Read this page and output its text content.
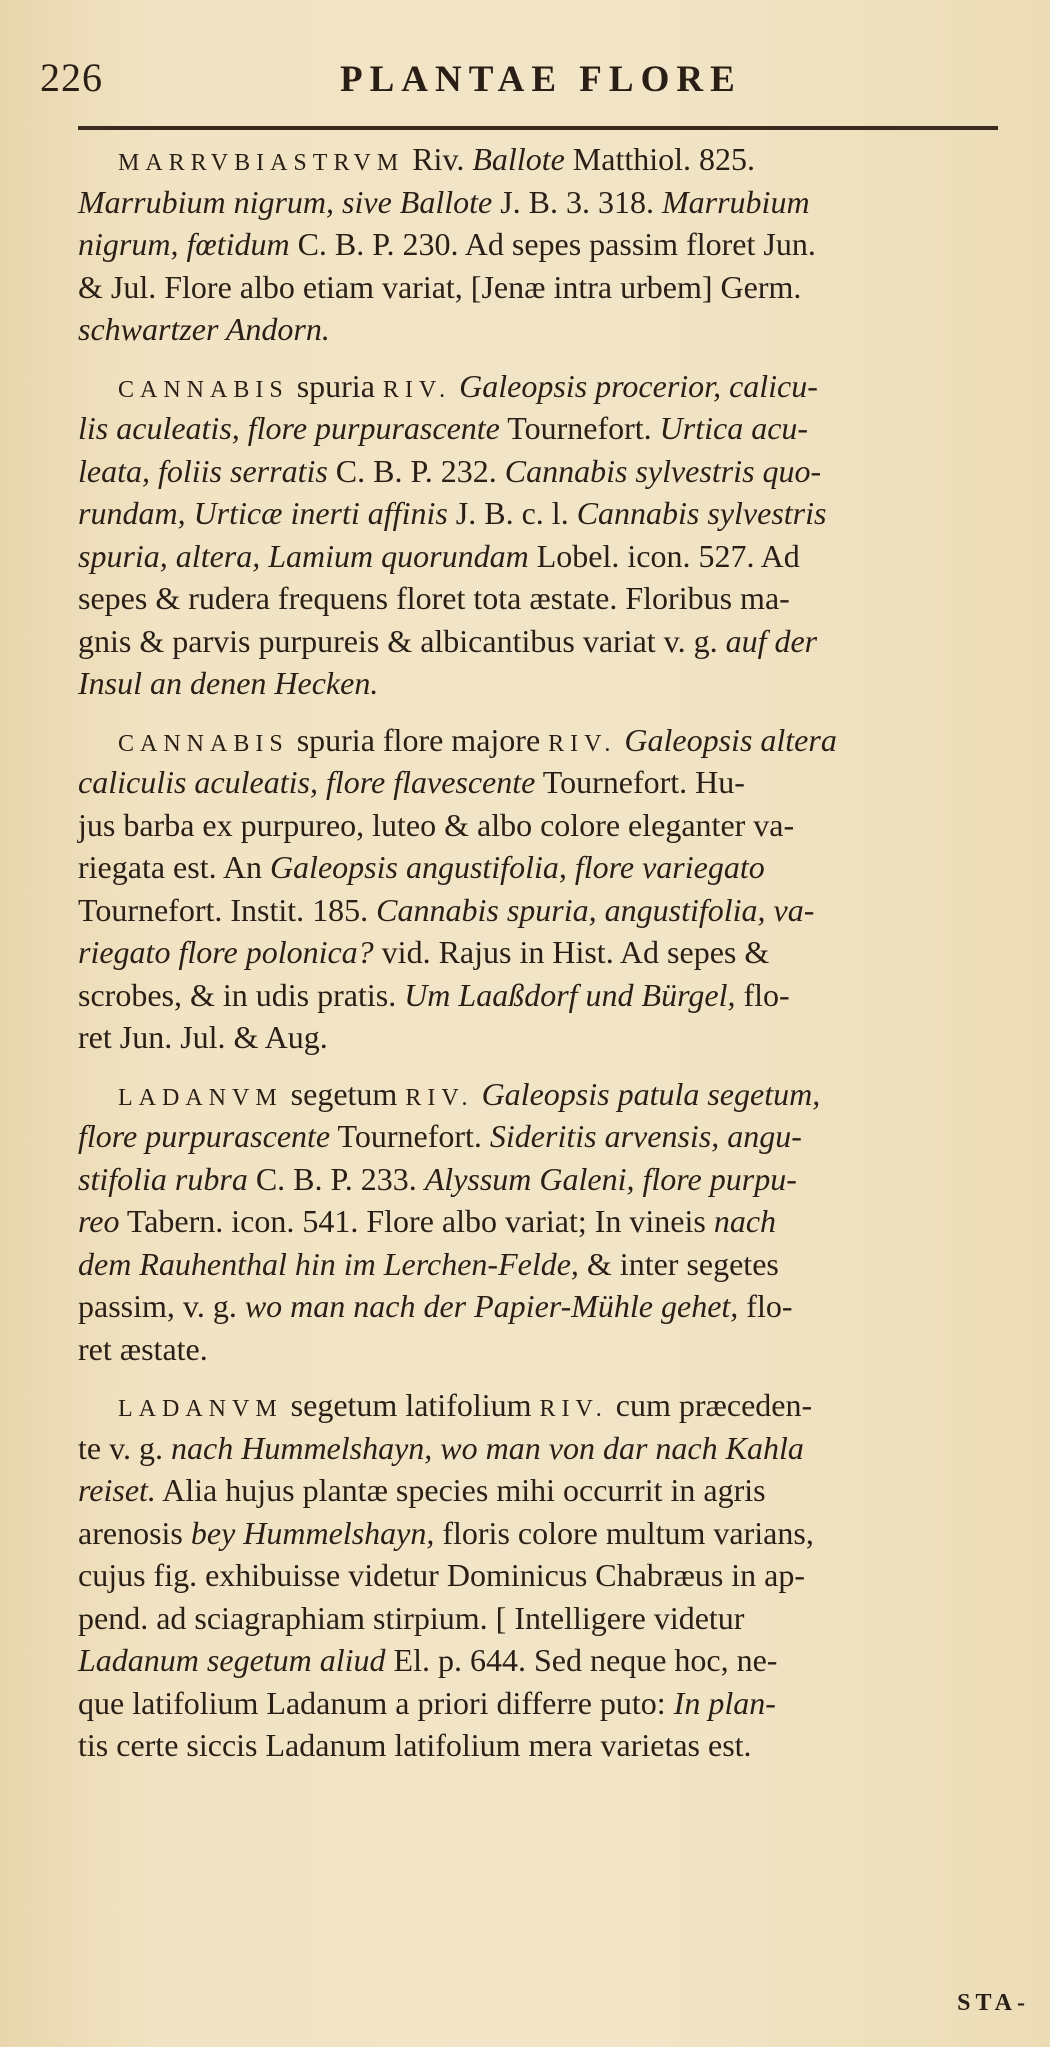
226	PLANTAE FLORE
MARRVBIASTRVM Riv. Ballote Matthiol. 825.
Marrubium nigrum, sive Ballote J. B. 3. 318. Marrubium
nigrum, fœtidum C. B. P. 230. Ad sepes passim floret Jun.
& Jul. Flore albo etiam variat, [Jenæ intra urbem] Germ.
schwartzer Andorn.
CANNABIS spuria RIV. Galeopsis procerior, calicu-
lis aculeatis, flore purpurascente Tournefort. Urtica acu-
leata, foliis serratis C. B. P. 232. Cannabis sylvestris quo-
rundam, Urticæ inerti affinis J. B. c. l. Cannabis sylvestris
spuria, altera, Lamium quorundam Lobel. icon. 527. Ad
sepes & rudera frequens floret tota æstate. Floribus ma-
gnis & parvis purpureis & albicantibus variat v. g. auf der
Insul an denen Hecken.
CANNABIS spuria flore majore RIV. Galeopsis altera
caliculis aculeatis, flore flavescente Tournefort. Hu-
jus barba ex purpureo, luteo & albo colore eleganter va-
riegata est. An Galeopsis angustifolia, flore variegato
Tournefort. Instit. 185. Cannabis spuria, angustifolia, va-
riegato flore polonica? vid. Rajus in Hist. Ad sepes &
scrobes, & in udis pratis. Um Laaßdorf und Bürgel, flo-
ret Jun. Jul. & Aug.
LADANVM segetum RIV. Galeopsis patula segetum,
flore purpurascente Tournefort. Sideritis arvensis, angu-
stifolia rubra C. B. P. 233. Alyssum Galeni, flore purpu-
reo Tabern. icon. 541. Flore albo variat; In vineis nach
dem Rauhenthal hin im Lerchen-Felde, & inter segetes
passim, v. g. wo man nach der Papier-Mühle gehet, flo-
ret æstate.
LADANVM segetum latifolium RIV. cum præceden-
te v. g. nach Hummelshayn, wo man von dar nach Kahla
reiset. Alia hujus plantæ species mihi occurrit in agris
arenosis bey Hummelshayn, floris colore multum varians,
cujus fig. exhibuisse videtur Dominicus Chabræus in ap-
pend. ad sciagraphiam stirpium. [ Intelligere videtur
Ladanum segetum aliud El. p. 644. Sed neque hoc, ne-
que latifolium Ladanum a priori differre puto: In plan-
tis certe siccis Ladanum latifolium mera varietas est.
STA-
